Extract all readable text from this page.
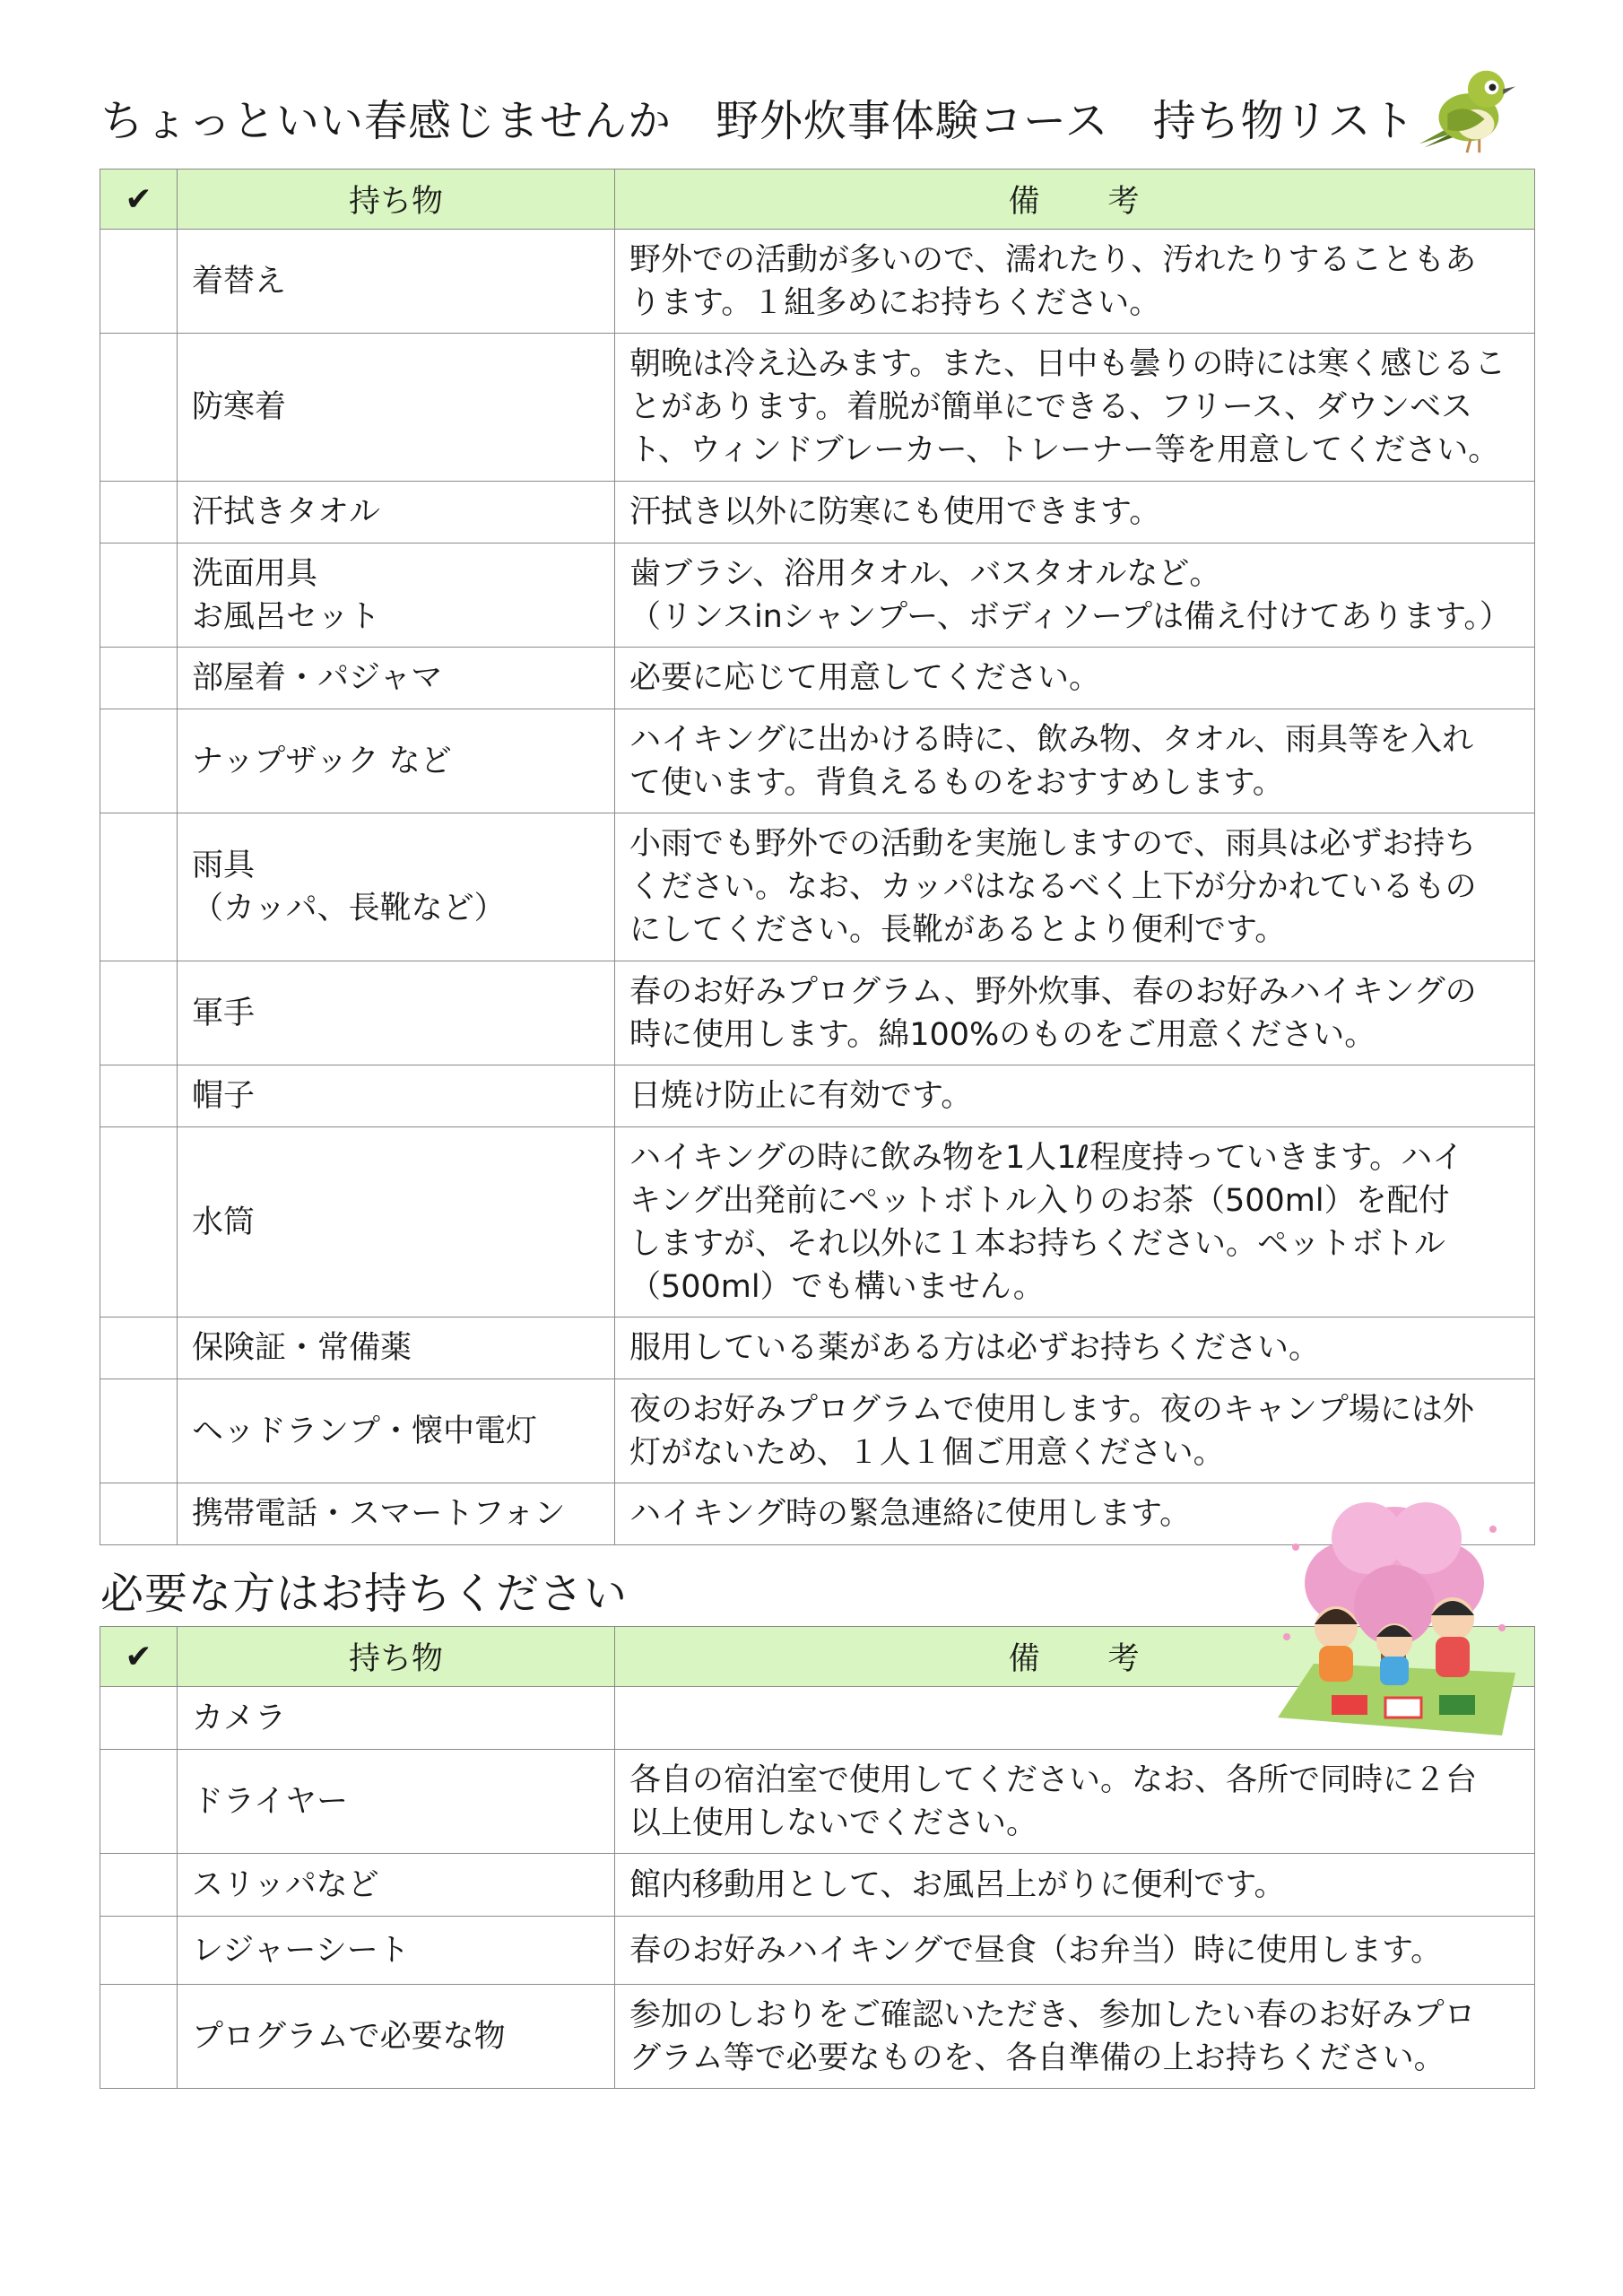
ちょっといい春感じませんか　野外炊事体験コース　持ち物リスト
✔	持ち物	備　　考
	着替え	野外での活動が多いので、濡れたり、汚れたりすることもあ
ります。１組多めにお持ちください。
	防寒着	朝晩は冷え込みます。また、日中も曇りの時には寒く感じるこ
とがあります。着脱が簡単にできる、フリース、ダウンベス
ト、ウィンドブレーカー、トレーナー等を用意してください。
	汗拭きタオル	汗拭き以外に防寒にも使用できます。
	洗面用具
お風呂セット	歯ブラシ、浴用タオル、バスタオルなど。
（リンスinシャンプー、ボディソープは備え付けてあります。）
	部屋着・パジャマ	必要に応じて用意してください。
	ナップザック など	ハイキングに出かける時に、飲み物、タオル、雨具等を入れ
て使います。背負えるものをおすすめします。
	雨具
（カッパ、長靴など）	小雨でも野外での活動を実施しますので、雨具は必ずお持ち
ください。なお、カッパはなるべく上下が分かれているもの
にしてください。長靴があるとより便利です。
	軍手	春のお好みプログラム、野外炊事、春のお好みハイキングの
時に使用します。綿100%のものをご用意ください。
	帽子	日焼け防止に有効です。
	水筒	ハイキングの時に飲み物を1人1ℓ程度持っていきます。ハイ
キング出発前にペットボトル入りのお茶（500ml）を配付
しますが、それ以外に１本お持ちください。ペットボトル
（500ml）でも構いません。
	保険証・常備薬	服用している薬がある方は必ずお持ちください。
	ヘッドランプ・懐中電灯	夜のお好みプログラムで使用します。夜のキャンプ場には外
灯がないため、１人１個ご用意ください。
	携帯電話・スマートフォン	ハイキング時の緊急連絡に使用します。
必要な方はお持ちください
✔	持ち物	備　　考
	カメラ	
	ドライヤー	各自の宿泊室で使用してください。なお、各所で同時に２台
以上使用しないでください。
	スリッパなど	館内移動用として、お風呂上がりに便利です。
	レジャーシート	春のお好みハイキングで昼食（お弁当）時に使用します。
	プログラムで必要な物	参加のしおりをご確認いただき、参加したい春のお好みプロ
グラム等で必要なものを、各自準備の上お持ちください。
